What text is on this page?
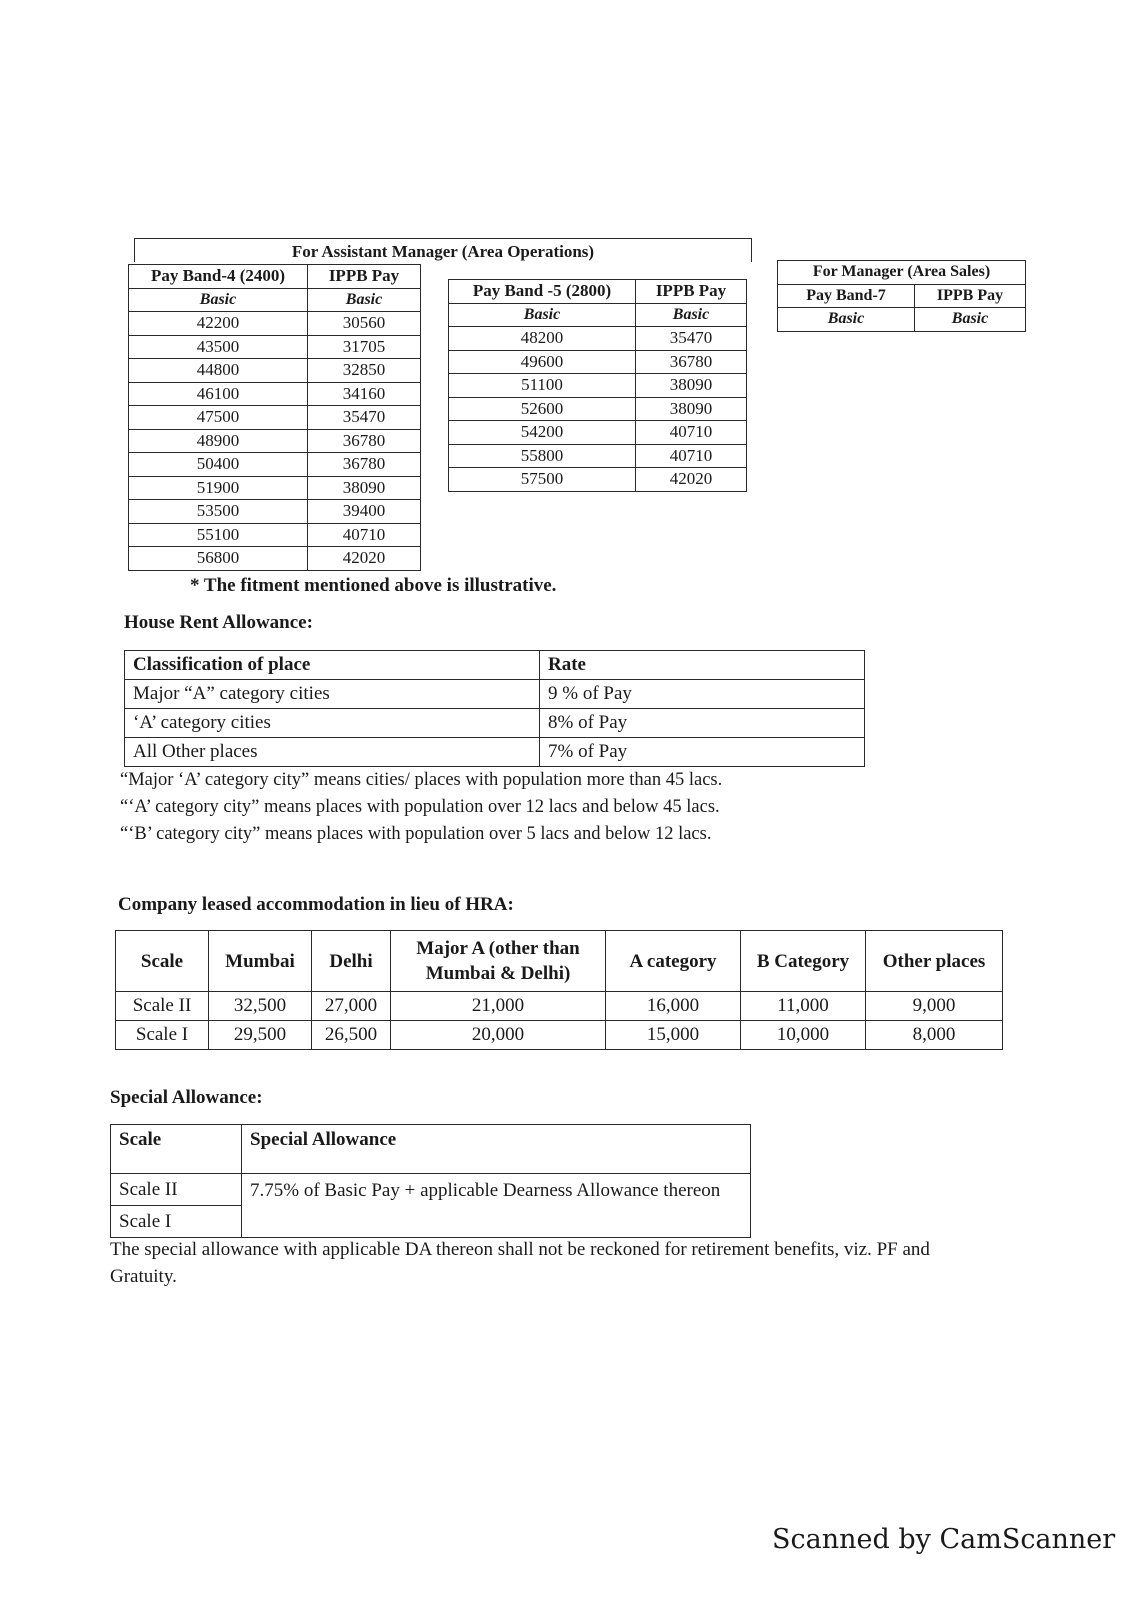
For Assistant Manager (Area Operations)
Pay Band-4 (2400)	IPPB Pay
Basic	Basic
42200	30560
43500	31705
44800	32850
46100	34160
47500	35470
48900	36780
50400	36780
51900	38090
53500	39400
55100	40710
56800	42020
Pay Band -5 (2800)	IPPB Pay
Basic	Basic
48200	35470
49600	36780
51100	38090
52600	38090
54200	40710
55800	40710
57500	42020
For Manager (Area Sales)	
Pay Band-7	IPPB Pay
Basic	Basic
* The fitment mentioned above is illustrative.
House Rent Allowance:
Classification of place	Rate
Major “A” category cities	9 % of Pay
‘A’ category cities	8% of Pay
All Other places	7% of Pay
“Major ‘A’ category city” means cities/ places with population more than 45 lacs.
“‘A’ category city” means places with population over 12 lacs and below 45 lacs.
“‘B’ category city” means places with population over 5 lacs and below 12 lacs.
Company leased accommodation in lieu of HRA:
Scale	Mumbai	Delhi	Major A (other than Mumbai & Delhi)	A category	B Category	Other places
Scale II	32,500	27,000	21,000	16,000	11,000	9,000
Scale I	29,500	26,500	20,000	15,000	10,000	8,000
Special Allowance:
Scale	Special Allowance
Scale II	7.75% of Basic Pay + applicable Dearness Allowance thereon
Scale I	
The special allowance with applicable DA thereon shall not be reckoned for retirement benefits, viz. PF and Gratuity.
Scanned by CamScanner
